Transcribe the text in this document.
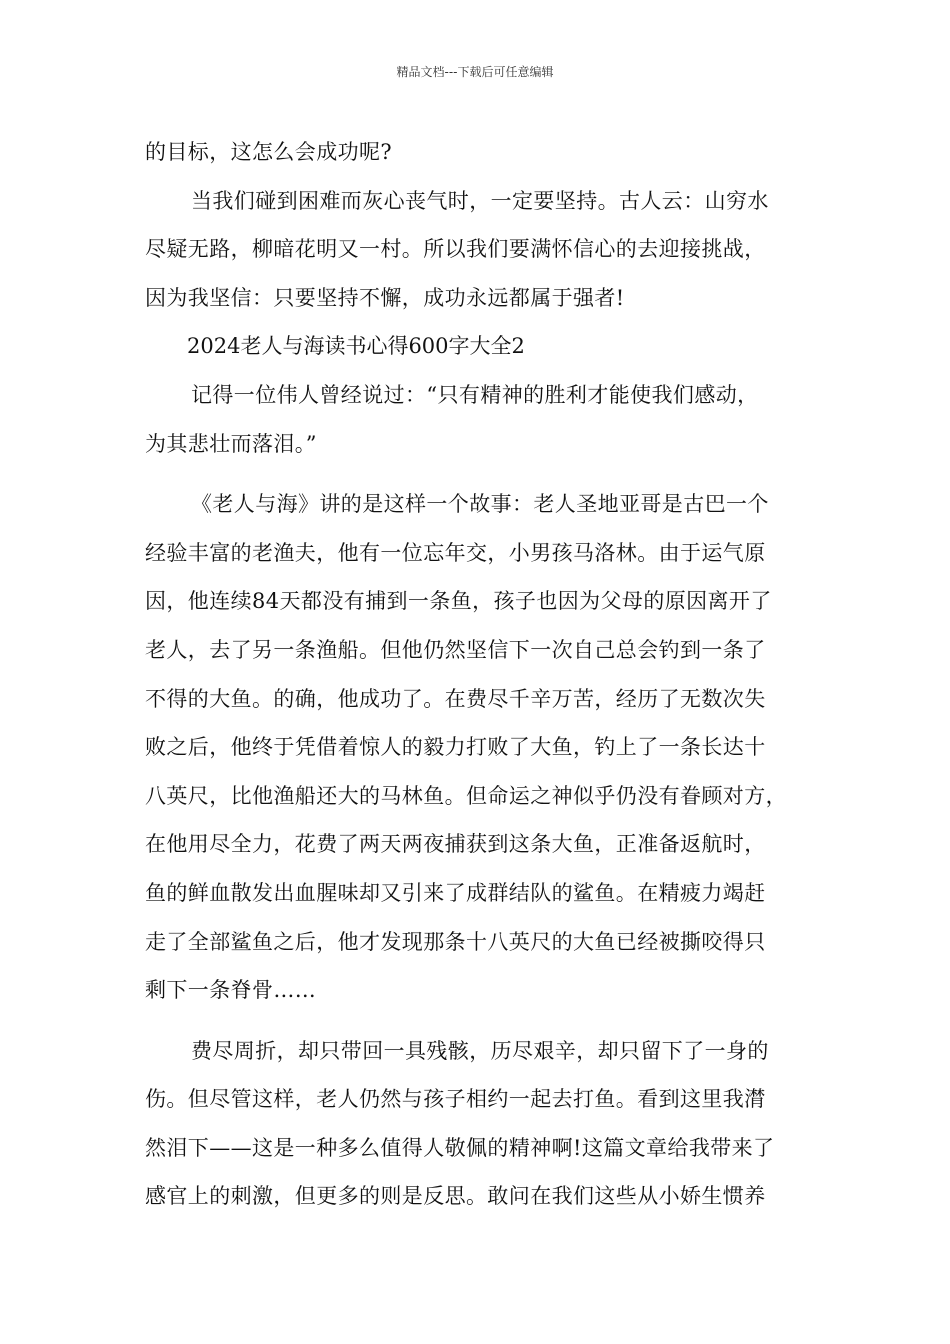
精品文档---下载后可任意编辑
的目标，这怎么会成功呢?
当我们碰到困难而灰心丧气时，一定要坚持。古人云：山穷水
尽疑无路，柳暗花明又一村。所以我们要满怀信心的去迎接挑战，
因为我坚信：只要坚持不懈，成功永远都属于强者!
2024老人与海读书心得600字大全2
记得一位伟人曾经说过：“只有精神的胜利才能使我们感动，
为其悲壮而落泪。”
《老人与海》讲的是这样一个故事：老人圣地亚哥是古巴一个
经验丰富的老渔夫，他有一位忘年交，小男孩马洛林。由于运气原
因，他连续84天都没有捕到一条鱼，孩子也因为父母的原因离开了
老人，去了另一条渔船。但他仍然坚信下一次自己总会钓到一条了
不得的大鱼。的确，他成功了。在费尽千辛万苦，经历了无数次失
败之后，他终于凭借着惊人的毅力打败了大鱼，钓上了一条长达十
八英尺，比他渔船还大的马林鱼。但命运之神似乎仍没有眷顾对方，
在他用尽全力，花费了两天两夜捕获到这条大鱼，正准备返航时，
鱼的鲜血散发出血腥味却又引来了成群结队的鲨鱼。在精疲力竭赶
走了全部鲨鱼之后，他才发现那条十八英尺的大鱼已经被撕咬得只
剩下一条脊骨……
费尽周折，却只带回一具残骸，历尽艰辛，却只留下了一身的
伤。但尽管这样，老人仍然与孩子相约一起去打鱼。看到这里我潸
然泪下——这是一种多么值得人敬佩的精神啊!这篇文章给我带来了
感官上的刺激，但更多的则是反思。敢问在我们这些从小娇生惯养
